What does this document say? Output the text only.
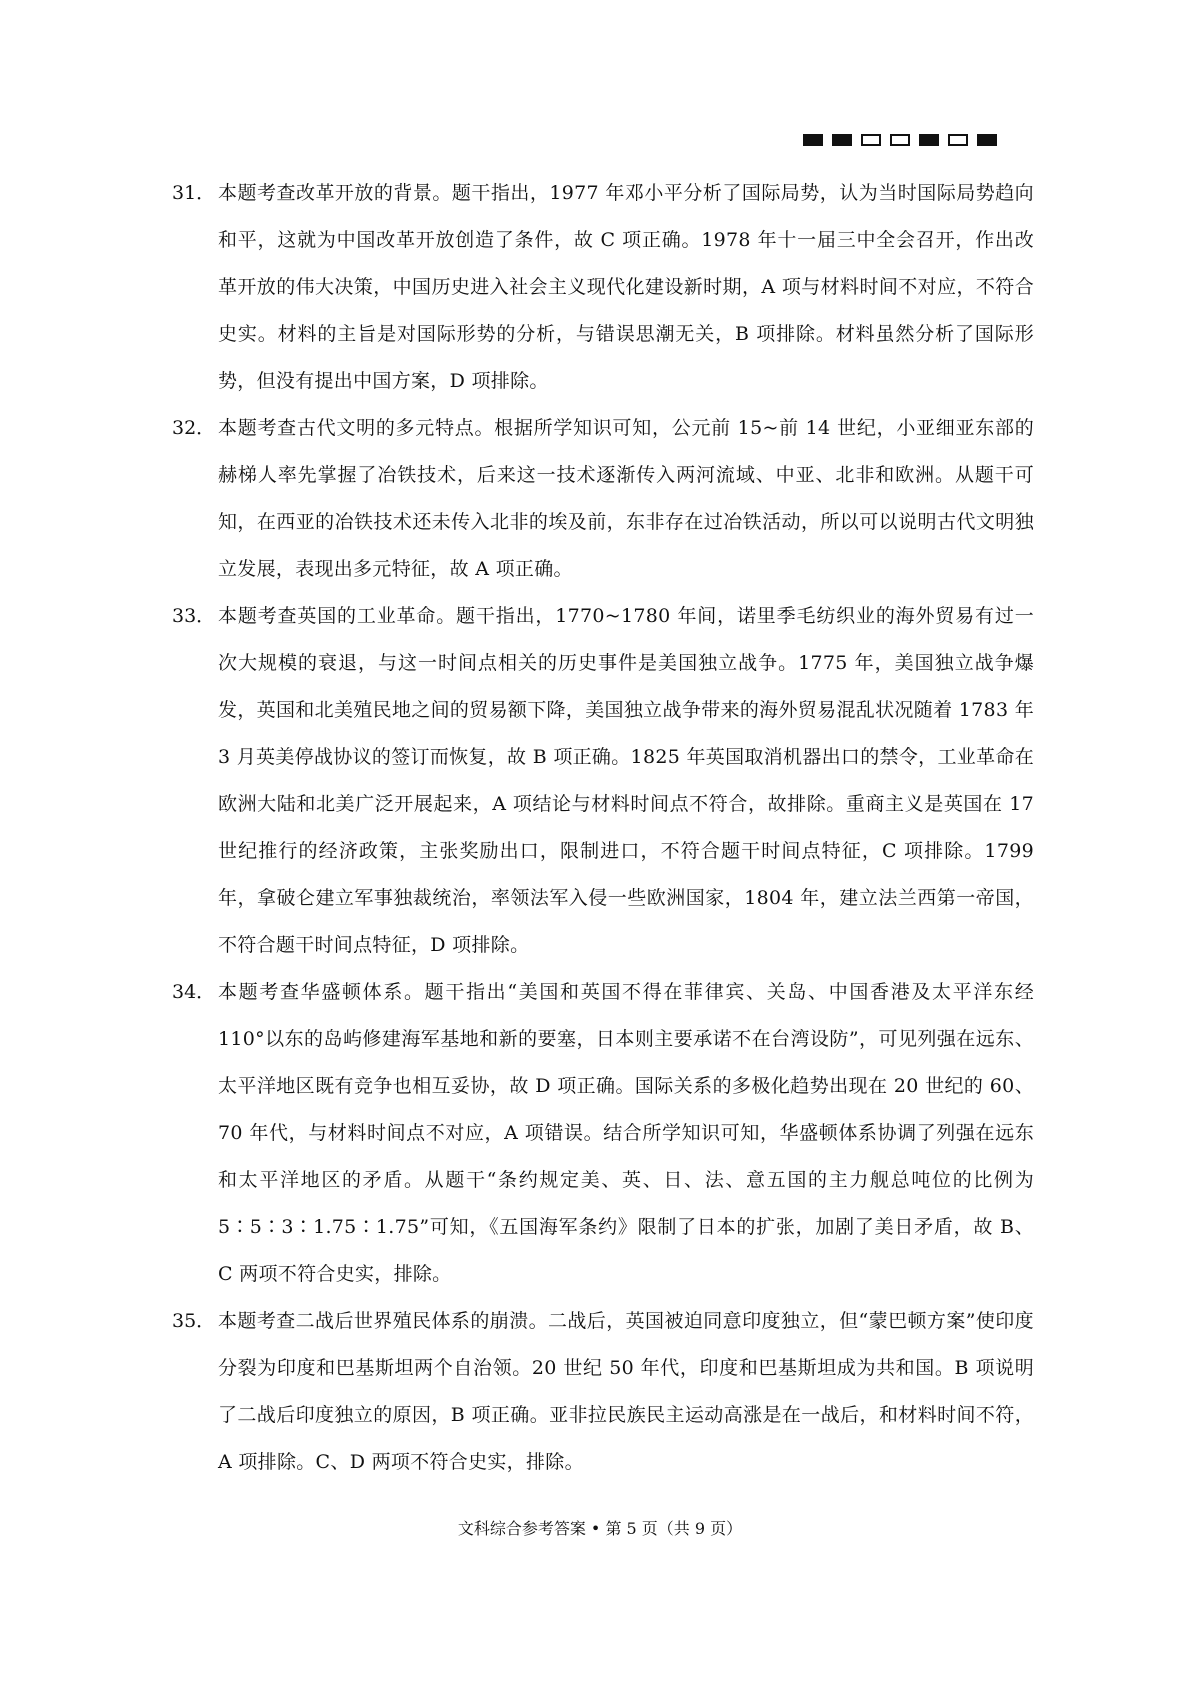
31． 本题考查改革开放的背景。题干指出，1977 年邓小平分析了国际局势，认为当时国际局势趋向和平，这就为中国改革开放创造了条件，故 C 项正确。1978 年十一届三中全会召开，作出改革开放的伟大决策，中国历史进入社会主义现代化建设新时期，A 项与材料时间不对应，不符合史实。材料的主旨是对国际形势的分析，与错误思潮无关，B 项排除。材料虽然分析了国际形势，但没有提出中国方案，D 项排除。
32． 本题考查古代文明的多元特点。根据所学知识可知，公元前 15~前 14 世纪，小亚细亚东部的赫梯人率先掌握了冶铁技术，后来这一技术逐渐传入两河流域、中亚、北非和欧洲。从题干可知，在西亚的冶铁技术还未传入北非的埃及前，东非存在过冶铁活动，所以可以说明古代文明独立发展，表现出多元特征，故 A 项正确。
33． 本题考查英国的工业革命。题干指出，1770~1780 年间，诺里季毛纺织业的海外贸易有过一次大规模的衰退，与这一时间点相关的历史事件是美国独立战争。1775 年，美国独立战争爆发，英国和北美殖民地之间的贸易额下降，美国独立战争带来的海外贸易混乱状况随着 1783 年 3 月英美停战协议的签订而恢复，故 B 项正确。1825 年英国取消机器出口的禁令，工业革命在欧洲大陆和北美广泛开展起来，A 项结论与材料时间点不符合，故排除。重商主义是英国在 17 世纪推行的经济政策，主张奖励出口，限制进口，不符合题干时间点特征，C 项排除。1799 年，拿破仑建立军事独裁统治，率领法军入侵一些欧洲国家，1804 年，建立法兰西第一帝国，不符合题干时间点特征，D 项排除。
34． 本题考查华盛顿体系。题干指出“美国和英国不得在菲律宾、关岛、中国香港及太平洋东经 110°以东的岛屿修建海军基地和新的要塞，日本则主要承诺不在台湾设防”，可见列强在远东、太平洋地区既有竞争也相互妥协，故 D 项正确。国际关系的多极化趋势出现在 20 世纪的 60、70 年代，与材料时间点不对应，A 项错误。结合所学知识可知，华盛顿体系协调了列强在远东和太平洋地区的矛盾。从题干“条约规定美、英、日、法、意五国的主力舰总吨位的比例为 5∶5∶3∶1.75∶1.75”可知，《五国海军条约》限制了日本的扩张，加剧了美日矛盾，故 B、C 两项不符合史实，排除。
35． 本题考查二战后世界殖民体系的崩溃。二战后，英国被迫同意印度独立，但“蒙巴顿方案”使印度分裂为印度和巴基斯坦两个自治领。20 世纪 50 年代，印度和巴基斯坦成为共和国。B 项说明了二战后印度独立的原因，B 项正确。亚非拉民族民主运动高涨是在一战后，和材料时间不符，A 项排除。C、D 两项不符合史实，排除。
文科综合参考答案 • 第 5 页（共 9 页）
